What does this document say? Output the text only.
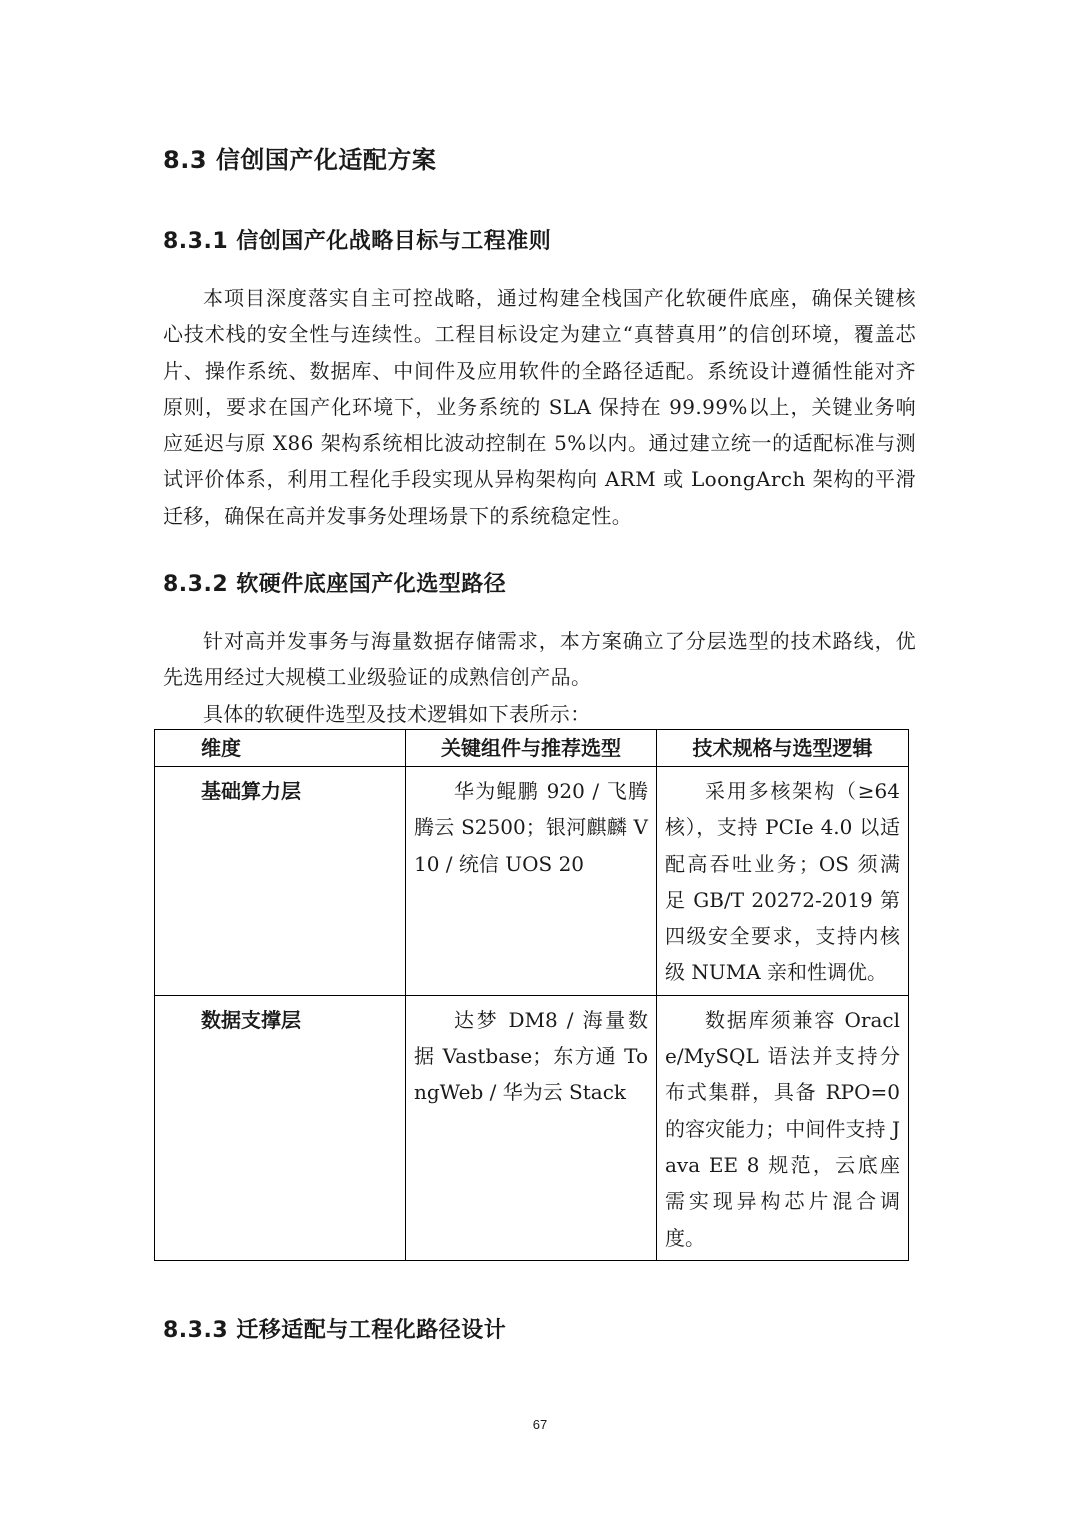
8.3 信创国产化适配方案
8.3.1 信创国产化战略目标与工程准则
本项目深度落实自主可控战略，通过构建全栈国产化软硬件底座，确保关键核心技术栈的安全性与连续性。工程目标设定为建立“真替真用”的信创环境，覆盖芯片、操作系统、数据库、中间件及应用软件的全路径适配。系统设计遵循性能对齐原则，要求在国产化环境下，业务系统的 SLA 保持在 99.99%以上，关键业务响应延迟与原 X86 架构系统相比波动控制在 5%以内。通过建立统一的适配标准与测试评价体系，利用工程化手段实现从异构架构向 ARM 或 LoongArch 架构的平滑迁移，确保在高并发事务处理场景下的系统稳定性。
8.3.2 软硬件底座国产化选型路径
针对高并发事务与海量数据存储需求，本方案确立了分层选型的技术路线，优先选用经过大规模工业级验证的成熟信创产品。
具体的软硬件选型及技术逻辑如下表所示：
维度	关键组件与推荐选型	技术规格与选型逻辑
基础算力层	华为鲲鹏 920 / 飞腾腾云 S2500；银河麒麟 V10 / 统信 UOS 20	采用多核架构（≥64 核），支持 PCIe 4.0 以适配高吞吐业务；OS 须满足 GB/T 20272-2019 第四级安全要求，支持内核级 NUMA 亲和性调优。
数据支撑层	达梦 DM8 / 海量数据 Vastbase；东方通 TongWeb / 华为云 Stack	数据库须兼容 Oracle/MySQL 语法并支持分布式集群，具备 RPO=0 的容灾能力；中间件支持 Java EE 8 规范，云底座需实现异构芯片混合调度。
8.3.3 迁移适配与工程化路径设计
67
